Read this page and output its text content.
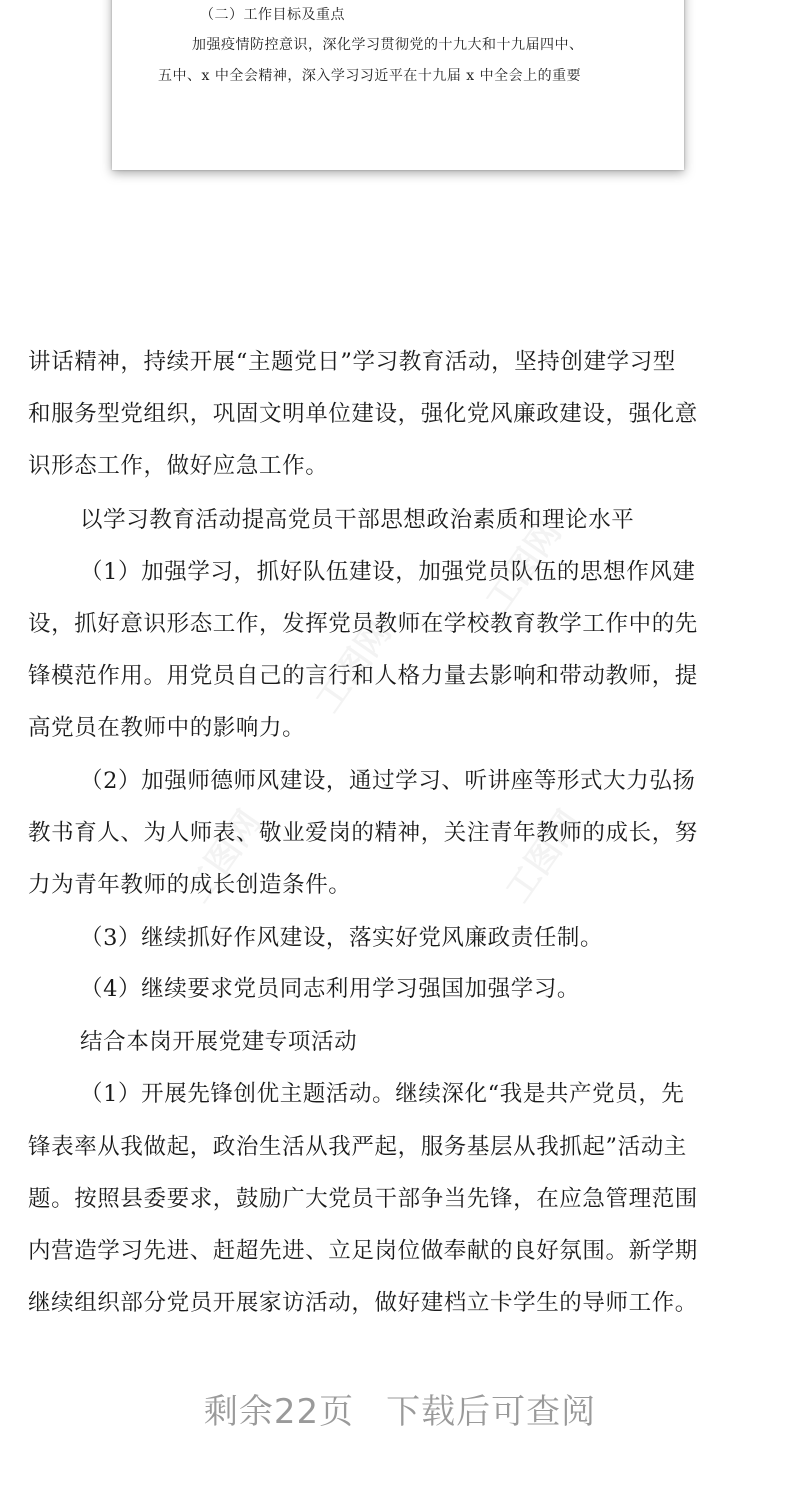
（二）工作目标及重点
加强疫情防控意识，深化学习贯彻党的十九大和十九届四中、
五中、x 中全会精神，深入学习习近平在十九届 x 中全会上的重要
工图网
工图网
工图网	工图网
讲话精神，持续开展“主题党日”学习教育活动，坚持创建学习型
和服务型党组织，巩固文明单位建设，强化党风廉政建设，强化意
识形态工作，做好应急工作。
以学习教育活动提高党员干部思想政治素质和理论水平
（1）加强学习，抓好队伍建设，加强党员队伍的思想作风建
设，抓好意识形态工作，发挥党员教师在学校教育教学工作中的先
锋模范作用。用党员自己的言行和人格力量去影响和带动教师，提
高党员在教师中的影响力。
（2）加强师德师风建设，通过学习、听讲座等形式大力弘扬
教书育人、为人师表、敬业爱岗的精神，关注青年教师的成长，努
力为青年教师的成长创造条件。
（3）继续抓好作风建设，落实好党风廉政责任制。
（4）继续要求党员同志利用学习强国加强学习。
结合本岗开展党建专项活动
（1）开展先锋创优主题活动。继续深化“我是共产党员，先
锋表率从我做起，政治生活从我严起，服务基层从我抓起”活动主
题。按照县委要求，鼓励广大党员干部争当先锋，在应急管理范围
内营造学习先进、赶超先进、立足岗位做奉献的良好氛围。新学期
继续组织部分党员开展家访活动，做好建档立卡学生的导师工作。
剩余22页 下载后可查阅
